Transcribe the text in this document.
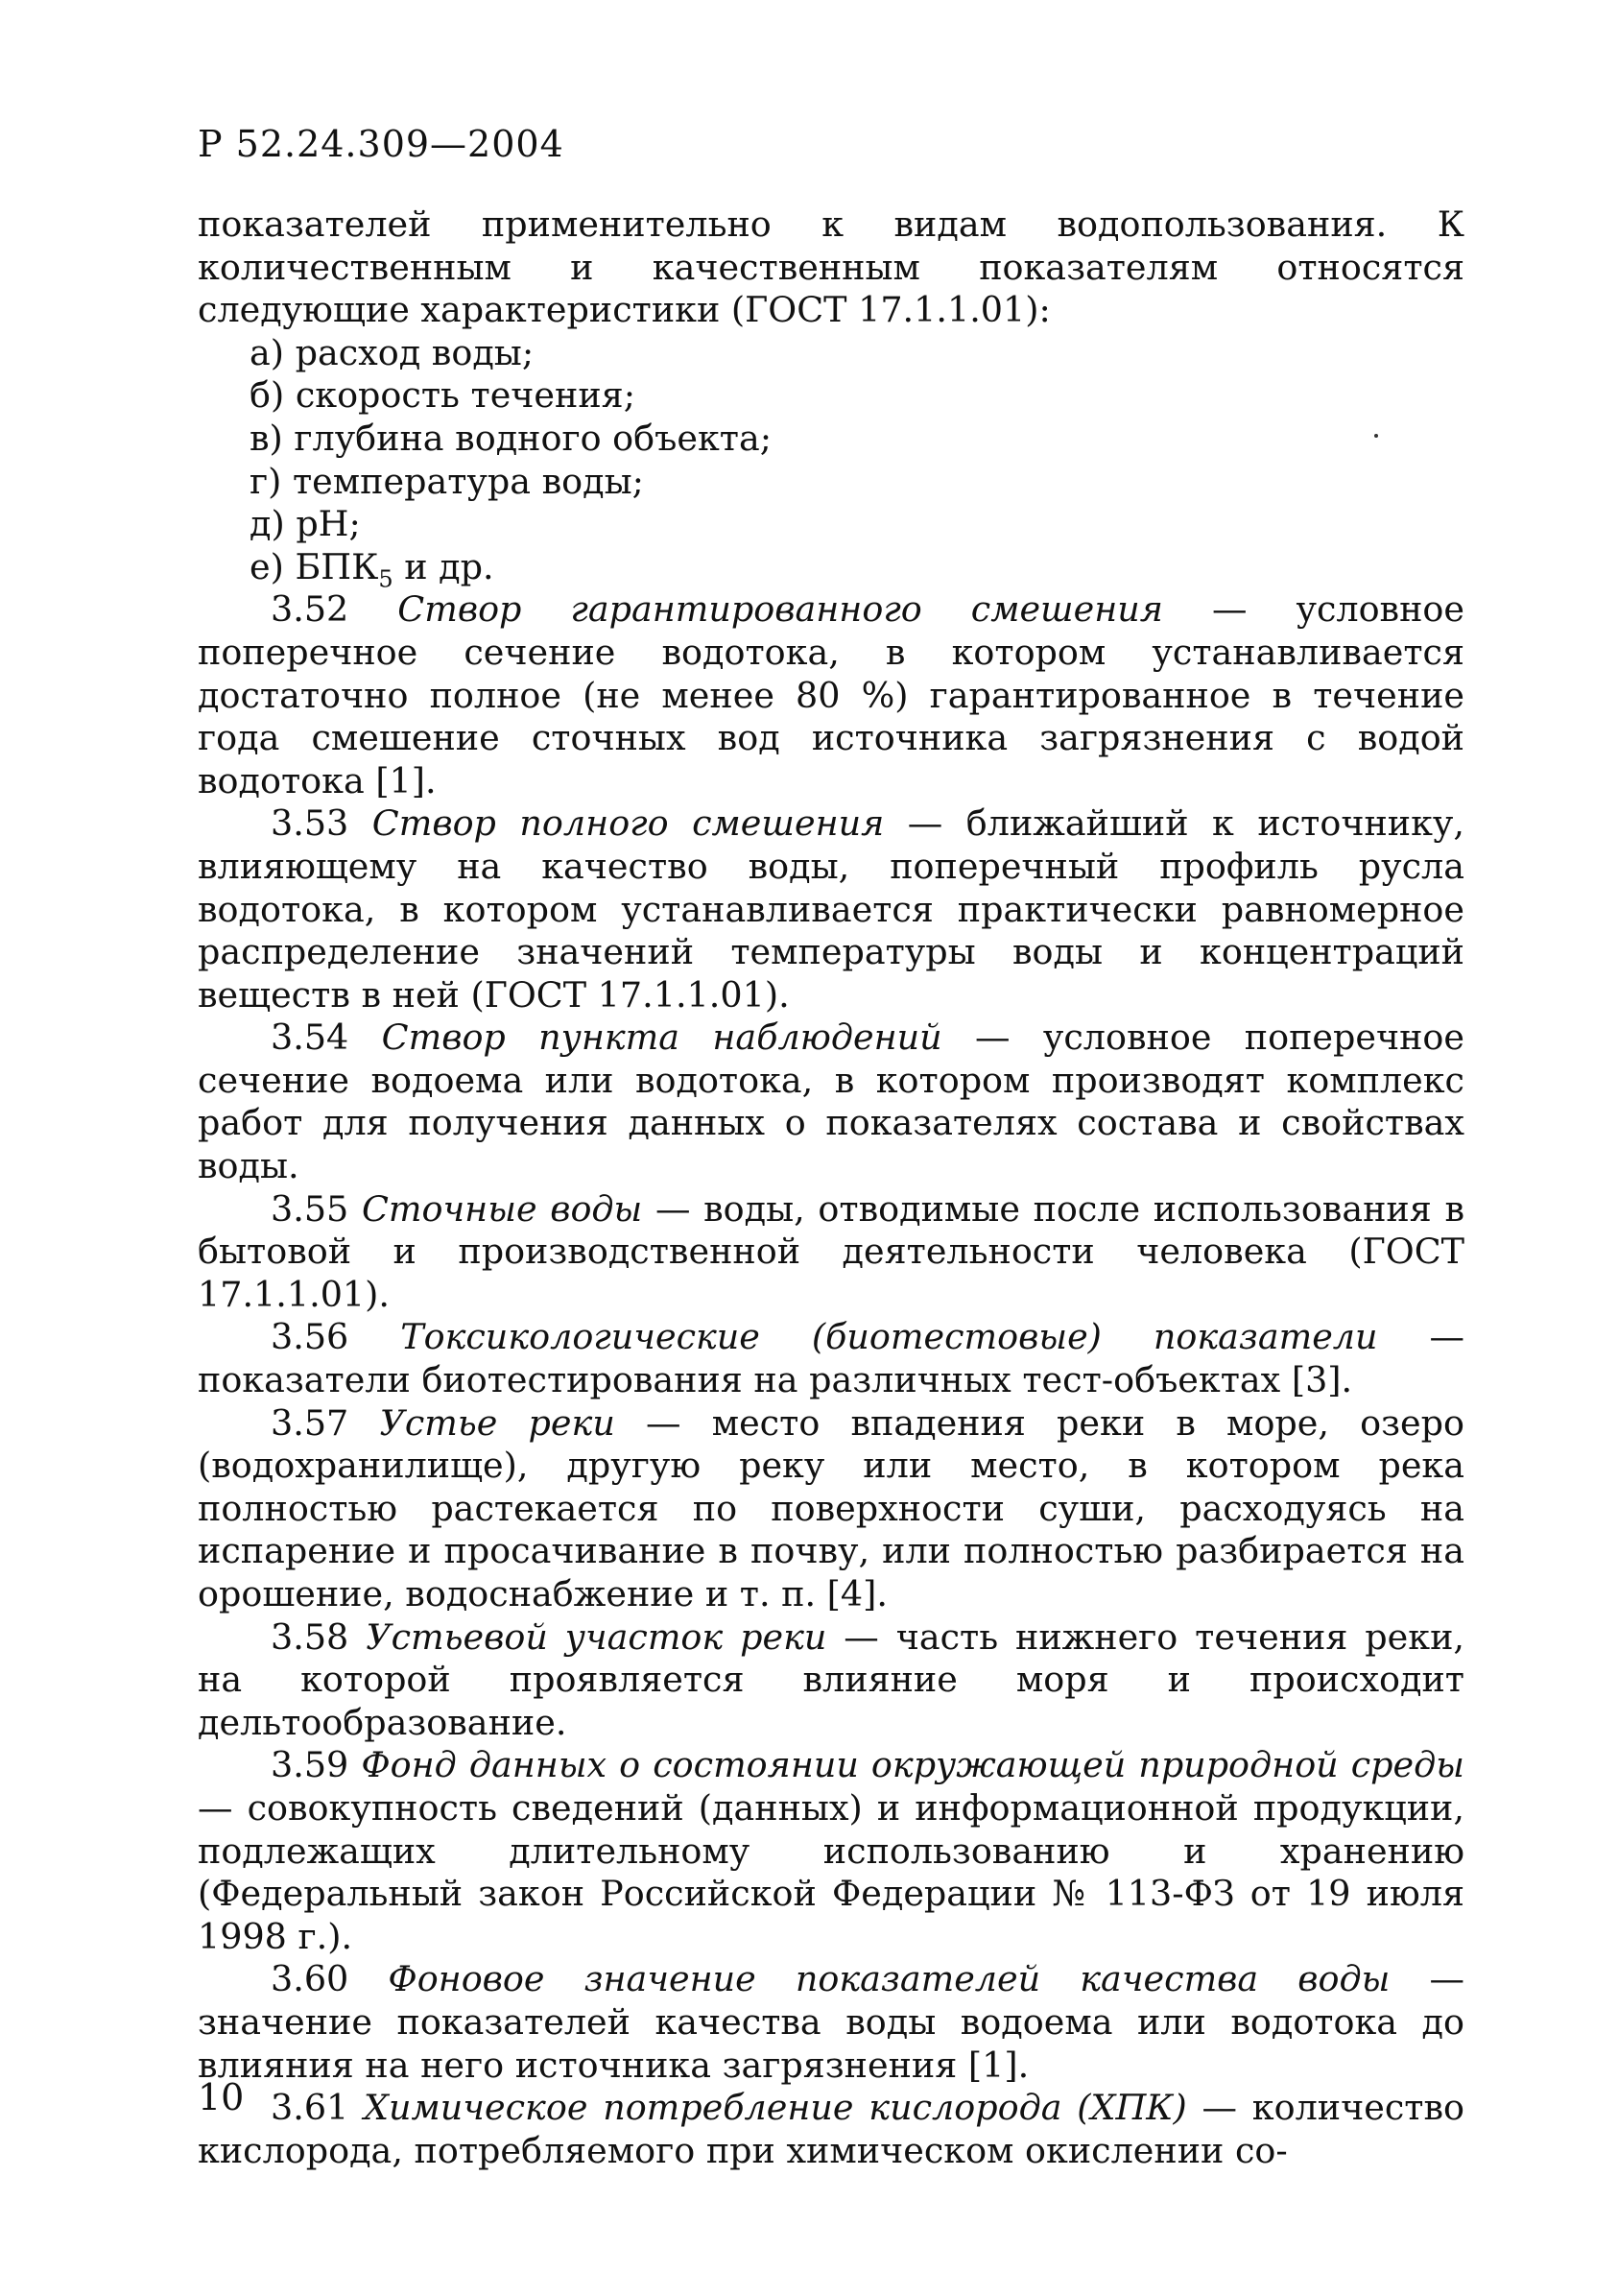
Р 52.24.309—2004

показателей применительно к видам водопользования. К количественным и качественным показателям относятся следующие характеристики (ГОСТ 17.1.1.01):

а) расход воды;

б) скорость течения;

в) глубина водного объекта;

г) температура воды;

д) рН;

е) $БПК_5$ и др.

3.52 Створ гарантированного смешения — условное поперечное сечение водотока, в котором устанавливается достаточно полное (не менее 80 %) гарантированное в течение года смешение сточных вод источника загрязнения с водой водотока [1].

3.53 Створ полного смешения — ближайший к источнику, влияющему на качество воды, поперечный профиль русла водотока, в котором устанавливается практически равномерное распределение значений температуры воды и концентраций веществ в ней (ГОСТ 17.1.1.01).

3.54 Створ пункта наблюдений — условное поперечное сечение водоема или водотока, в котором производят комплекс работ для получения данных о показателях состава и свойствах воды.

3.55 Сточные воды — воды, отводимые после использования в бытовой и производственной деятельности человека (ГОСТ 17.1.1.01).

3.56 Токсикологические (биотестовые) показатели — показатели биотестирования на различных тест-объектах [3].

3.57 Устье реки — место впадения реки в море, озеро (водохранилище), другую реку или место, в котором река полностью растекается по поверхности суши, расходуясь на испарение и просачивание в почву, или полностью разбирается на орошение, водоснабжение и т. п. [4].

3.58 Устьевой участок реки — часть нижнего течения реки, на которой проявляется влияние моря и происходит дельтообразование.

3.59 Фонд данных о состоянии окружающей природной среды — совокупность сведений (данных) и информационной продукции, подлежащих длительному использованию и хранению (Федеральный закон Российской Федерации № 113-ФЗ от 19 июля 1998 г.).

3.60 Фоновое значение показателей качества воды — значение показателей качества воды водоема или водотока до влияния на него источника загрязнения [1].

3.61 Химическое потребление кислорода (ХПК) — количество кислорода, потребляемого при химическом окислении со-

10
